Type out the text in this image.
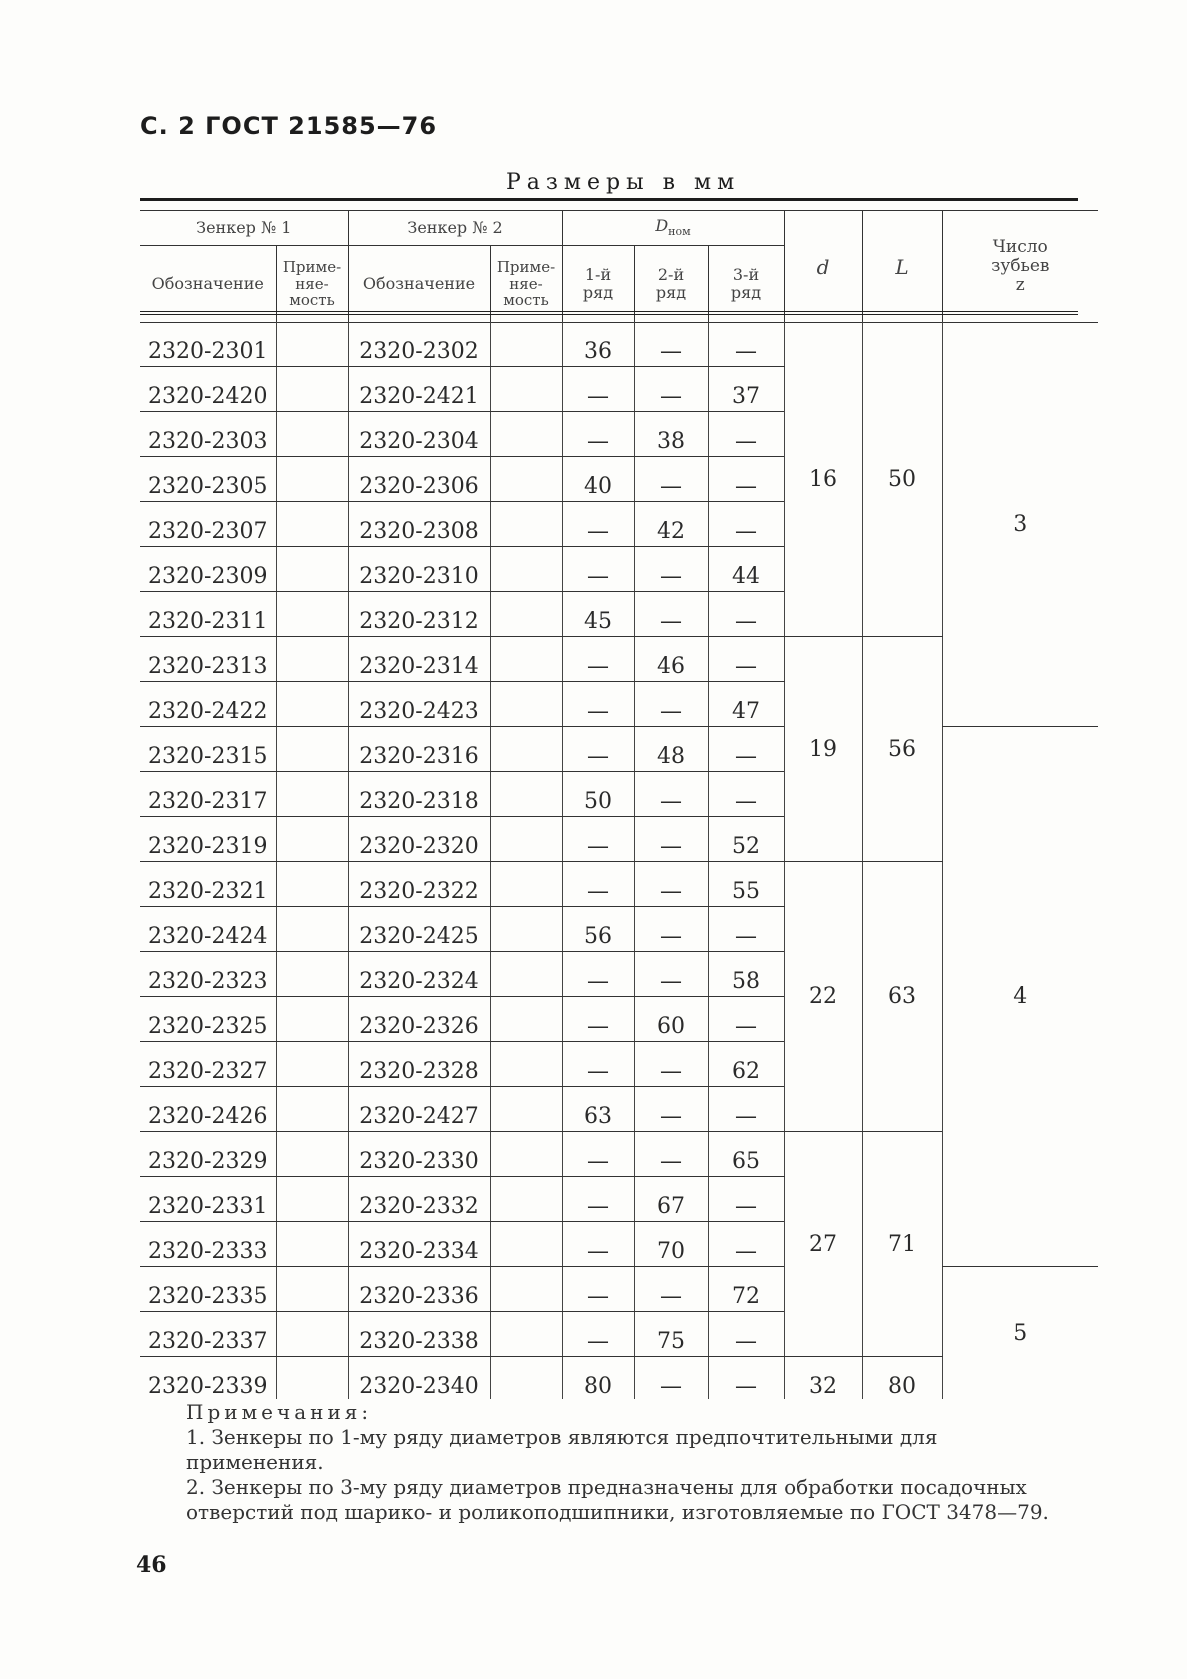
С. 2 ГОСТ 21585—76
Размеры в мм
Зенкер № 1		Зенкер № 2		$D_{ном}$			d	L	Число
зубьев
z
Обозначение	Приме-
няе-
мость	Обозначение	Приме-
няе-
мость	1-й
ряд	2-й
ряд	3-й
ряд			
2320-2301		2320-2302		36	—	—	16	50	3
2320-2420		2320-2421		—	—	37			
2320-2303		2320-2304		—	38	—			
2320-2305		2320-2306		40	—	—			
2320-2307		2320-2308		—	42	—			
2320-2309		2320-2310		—	—	44			
2320-2311		2320-2312		45	—	—			
2320-2313		2320-2314		—	46	—	19	56	
2320-2422		2320-2423		—	—	47			
2320-2315		2320-2316		—	48	—			4
2320-2317		2320-2318		50	—	—			
2320-2319		2320-2320		—	—	52			
2320-2321		2320-2322		—	—	55	22	63	
2320-2424		2320-2425		56	—	—			
2320-2323		2320-2324		—	—	58			
2320-2325		2320-2326		—	60	—			
2320-2327		2320-2328		—	—	62			
2320-2426		2320-2427		63	—	—			
2320-2329		2320-2330		—	—	65	27	71	
2320-2331		2320-2332		—	67	—			
2320-2333		2320-2334		—	70	—			
2320-2335		2320-2336		—	—	72			5
2320-2337		2320-2338		—	75	—			
2320-2339		2320-2340		80	—	—	32	80	

Примечания:

1. Зенкеры по 1-му ряду диаметров являются предпочтительными для применения.

2. Зенкеры по 3-му ряду диаметров предназначены для обработки посадочных отверстий под шарико- и роликоподшипники, изготовляемые по ГОСТ 3478—79.

46
